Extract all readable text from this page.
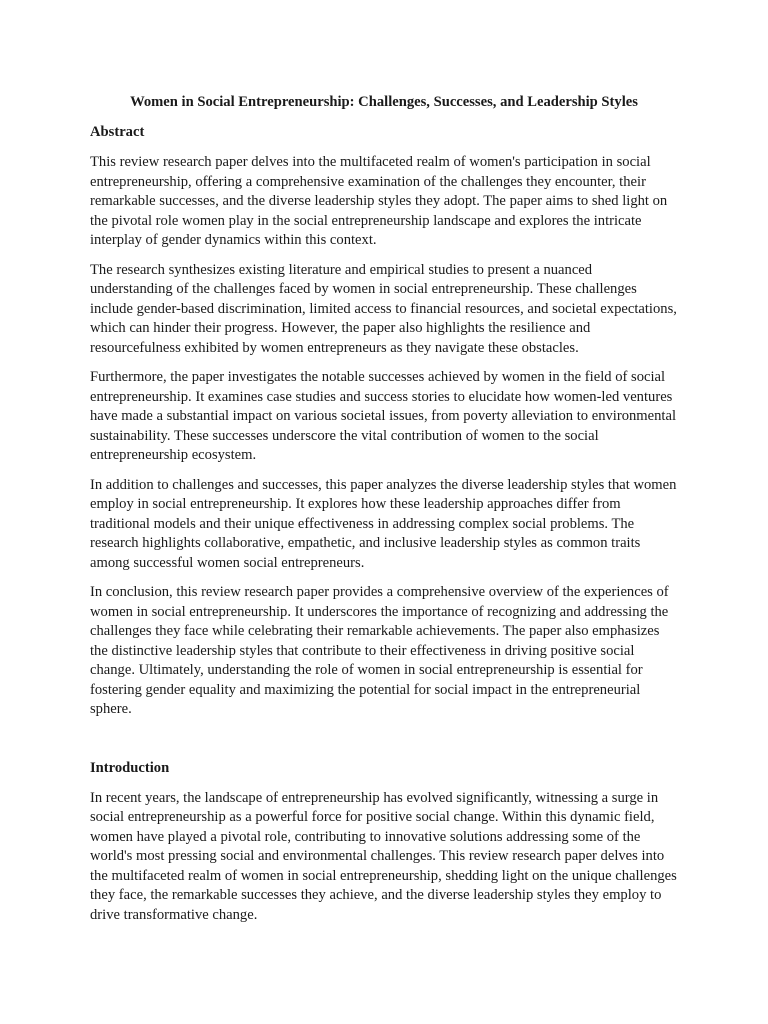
Women in Social Entrepreneurship: Challenges, Successes, and Leadership Styles
Abstract

This review research paper delves into the multifaceted realm of women's participation in social entrepreneurship, offering a comprehensive examination of the challenges they encounter, their remarkable successes, and the diverse leadership styles they adopt. The paper aims to shed light on the pivotal role women play in the social entrepreneurship landscape and explores the intricate interplay of gender dynamics within this context.

The research synthesizes existing literature and empirical studies to present a nuanced understanding of the challenges faced by women in social entrepreneurship. These challenges include gender-based discrimination, limited access to financial resources, and societal expectations, which can hinder their progress. However, the paper also highlights the resilience and resourcefulness exhibited by women entrepreneurs as they navigate these obstacles.

Furthermore, the paper investigates the notable successes achieved by women in the field of social entrepreneurship. It examines case studies and success stories to elucidate how women-led ventures have made a substantial impact on various societal issues, from poverty alleviation to environmental sustainability. These successes underscore the vital contribution of women to the social entrepreneurship ecosystem.

In addition to challenges and successes, this paper analyzes the diverse leadership styles that women employ in social entrepreneurship. It explores how these leadership approaches differ from traditional models and their unique effectiveness in addressing complex social problems. The research highlights collaborative, empathetic, and inclusive leadership styles as common traits among successful women social entrepreneurs.

In conclusion, this review research paper provides a comprehensive overview of the experiences of women in social entrepreneurship. It underscores the importance of recognizing and addressing the challenges they face while celebrating their remarkable achievements. The paper also emphasizes the distinctive leadership styles that contribute to their effectiveness in driving positive social change. Ultimately, understanding the role of women in social entrepreneurship is essential for fostering gender equality and maximizing the potential for social impact in the entrepreneurial sphere.

Introduction

In recent years, the landscape of entrepreneurship has evolved significantly, witnessing a surge in social entrepreneurship as a powerful force for positive social change. Within this dynamic field, women have played a pivotal role, contributing to innovative solutions addressing some of the world's most pressing social and environmental challenges. This review research paper delves into the multifaceted realm of women in social entrepreneurship, shedding light on the unique challenges they face, the remarkable successes they achieve, and the diverse leadership styles they employ to drive transformative change.
